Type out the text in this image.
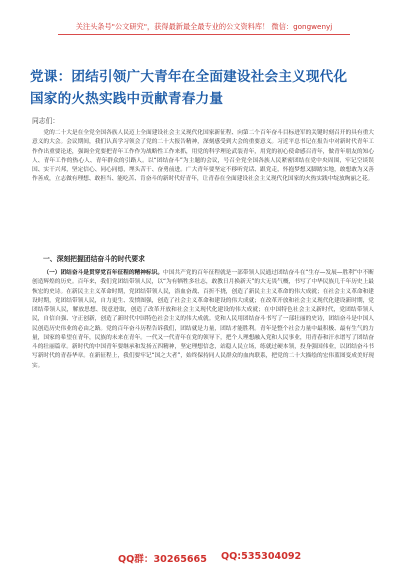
关注头条号"公文研究"，获得最新最全最专业的公文资料库！ 微信：gongwenyj
党课：团结引领广大青年在全面建设社会主义现代化
国家的火热实践中贡献青春力量
同志们：
党的二十大是在全党全国各族人民迈上全面建设社会主义现代化国家新征程、向第二个百年奋斗目标进军的关键时刻召开的具有重大意义的大会。会议期间，我们认真学习领会了党的二十大报告精神，深刻感受到大会的重要意义。习近平总书记在报告中对新时代青年工作作出重要论述，强调全党要把青年工作作为战略性工作来抓，用党的科学理论武装青年，用党的初心使命感召青年，做青年朋友的知心人、青年工作的热心人、青年群众的引路人。以“团结奋斗”为主题的会议，号召全党全国各族人民紧密团结在党中央周围，牢记空谈误国、实干兴邦，坚定信心、同心同德，埋头苦干、奋勇前进。广大青年要坚定不移听党话、跟党走，怀抱梦想又脚踏实地，敢想敢为又善作善成，立志做有理想、敢担当、能吃苦、肯奋斗的新时代好青年，让青春在全面建设社会主义现代化国家的火热实践中绽放绚丽之花。
一、深刻把握团结奋斗的时代要求
（一）团结奋斗是贯穿党百年征程的精神标识。中国共产党的百年征程就是一部带领人民通过团结奋斗在“生存—发展—胜利”中不断创造辉煌的历史。百年来，我们党团结带领人民，以“为有牺牲多壮志，敢教日月换新天”的大无畏气概，书写了中华民族几千年历史上最恢宏的史诗。在新民主主义革命时期，党团结带领人民，浴血奋战、百折不挠，创造了新民主主义革命的伟大成就；在社会主义革命和建设时期，党团结带领人民，自力更生、发愤图强，创造了社会主义革命和建设的伟大成就；在改革开放和社会主义现代化建设新时期，党团结带领人民，解放思想、锐意进取，创造了改革开放和社会主义现代化建设的伟大成就；在中国特色社会主义新时代，党团结带领人民，自信自强、守正创新，创造了新时代中国特色社会主义的伟大成就。党和人民用团结奋斗书写了一部壮丽的史诗，团结奋斗是中国人民创造历史伟业的必由之路。党的百年奋斗历程告诉我们，团结就是力量，团结才能胜利。青年是整个社会力量中最积极、最有生气的力量，国家的希望在青年，民族的未来在青年。一代又一代青年在党的领导下，把个人理想融入党和人民事业，用青春和汗水谱写了团结奋斗的壮丽篇章。新时代的中国青年要继承和发扬五四精神，坚定理想信念，站稳人民立场，练就过硬本领，投身强国伟业，以团结奋斗书写新时代的青春华章。在新征程上，我们要牢记“国之大者”，始终保持同人民群众的血肉联系，把党的二十大描绘的宏伟蓝图变成美好现实。
QQ群：30265665 QQ:535304092
